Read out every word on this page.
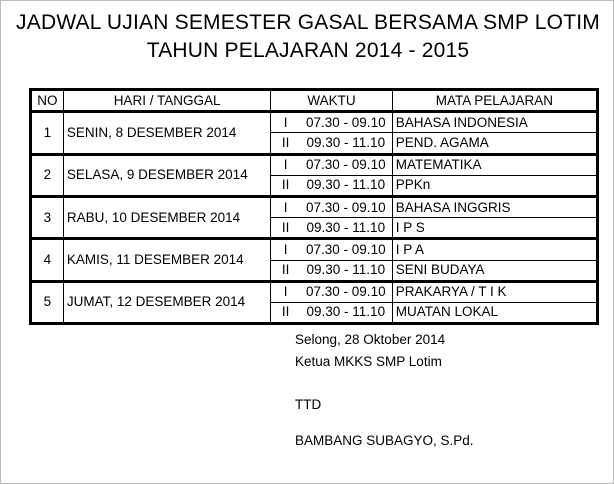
JADWAL UJIAN SEMESTER GASAL BERSAMA SMP LOTIM
TAHUN PELAJARAN 2014 - 2015
NO	HARI / TANGGAL	WAKTU		MATA PELAJARAN
1	SENIN, 8 DESEMBER 2014	I	07.30 - 09.10	BAHASA INDONESIA
		II	09.30 - 11.10	PEND. AGAMA
2	SELASA, 9 DESEMBER 2014	I	07.30 - 09.10	MATEMATIKA
		II	09.30 - 11.10	PPKn
3	RABU, 10 DESEMBER 2014	I	07.30 - 09.10	BAHASA INGGRIS
		II	09.30 - 11.10	I P S
4	KAMIS, 11 DESEMBER 2014	I	07.30 - 09.10	I P A
		II	09.30 - 11.10	SENI BUDAYA
5	JUMAT, 12 DESEMBER 2014	I	07.30 - 09.10	PRAKARYA / T I K
		II	09.30 - 11.10	MUATAN LOKAL
Selong, 28 Oktober 2014
Ketua MKKS SMP Lotim
TTD
BAMBANG SUBAGYO, S.Pd.
